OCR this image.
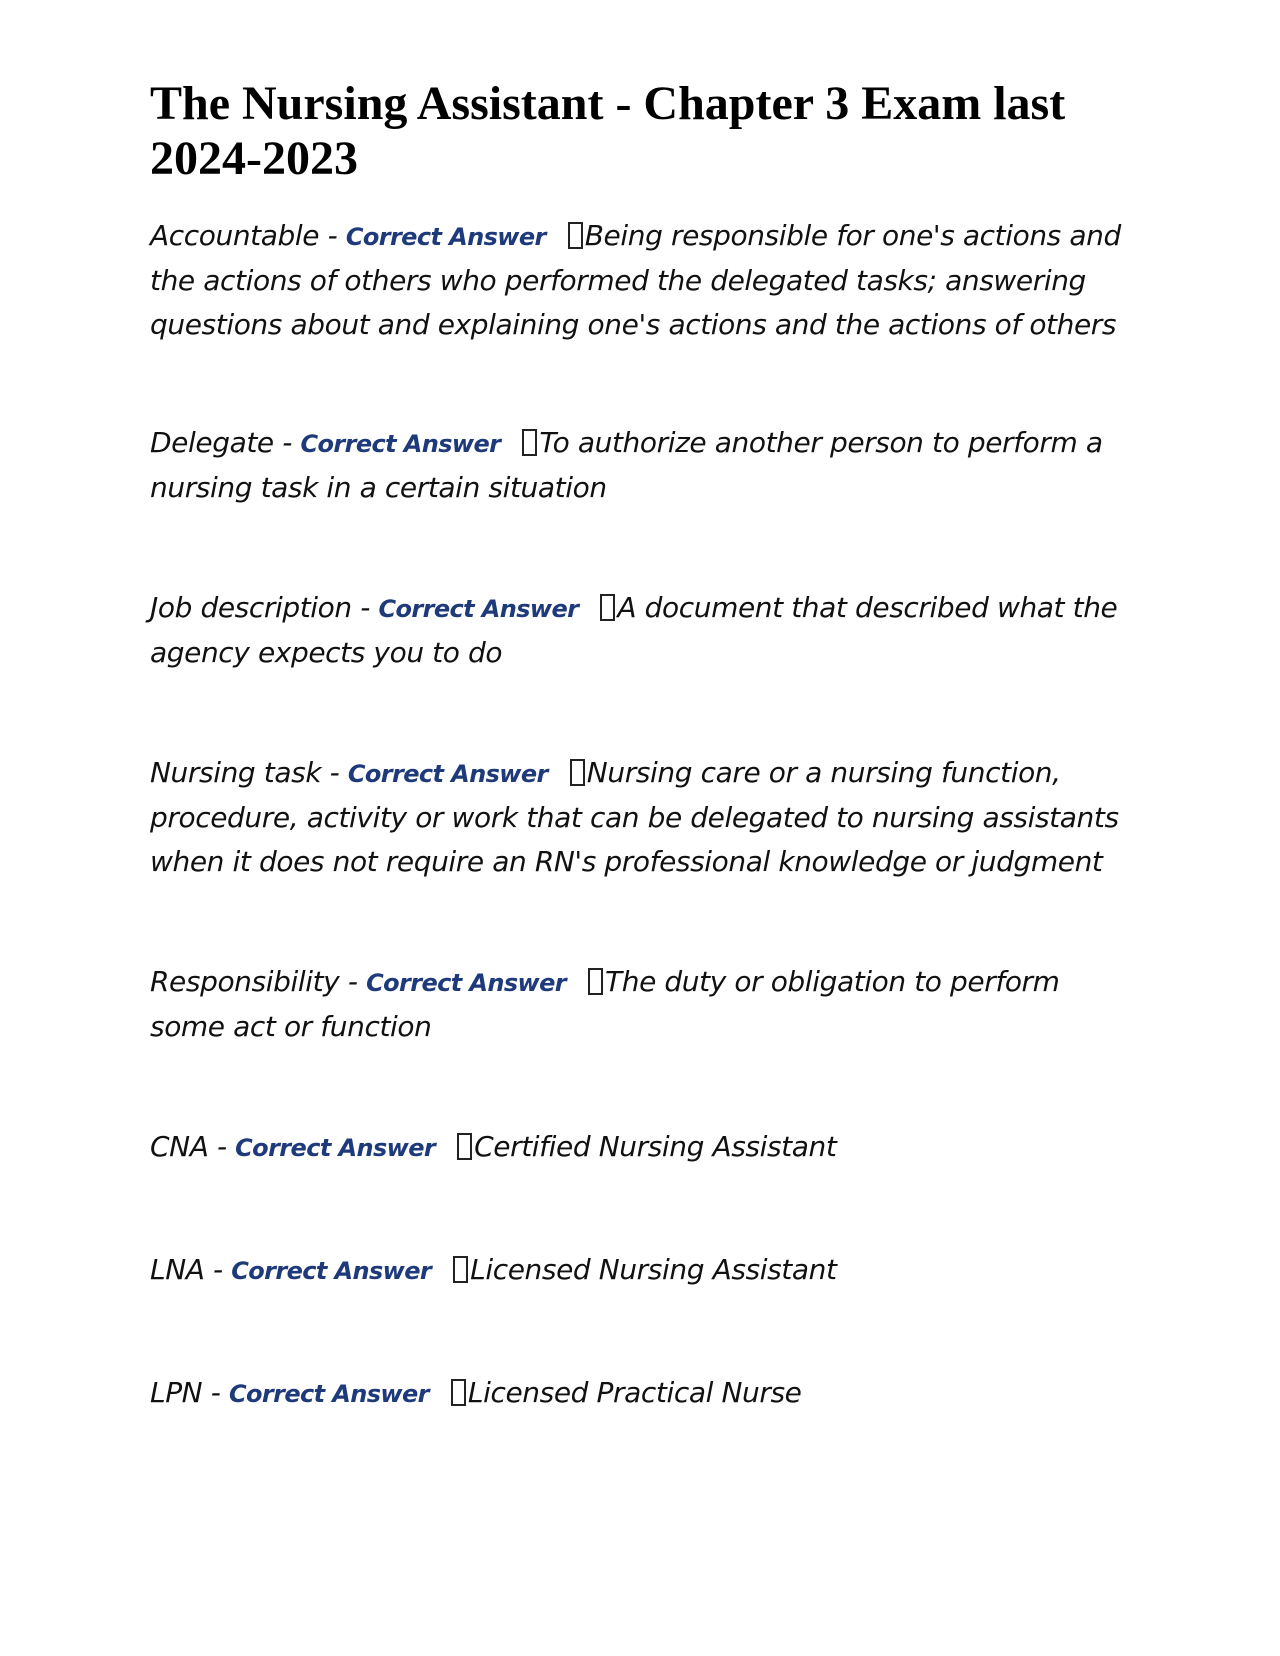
The Nursing Assistant - Chapter 3 Exam last 2024-2023

Accountable - Correct Answer Being responsible for one's actions and the actions of others who performed the delegated tasks; answering questions about and explaining one's actions and the actions of others

Delegate - Correct Answer To authorize another person to perform a nursing task in a certain situation

Job description - Correct Answer A document that described what the agency expects you to do

Nursing task - Correct Answer Nursing care or a nursing function, procedure, activity or work that can be delegated to nursing assistants when it does not require an RN's professional knowledge or judgment

Responsibility - Correct Answer The duty or obligation to perform some act or function

CNA - Correct Answer Certified Nursing Assistant

LNA - Correct Answer Licensed Nursing Assistant

LPN - Correct Answer Licensed Practical Nurse
